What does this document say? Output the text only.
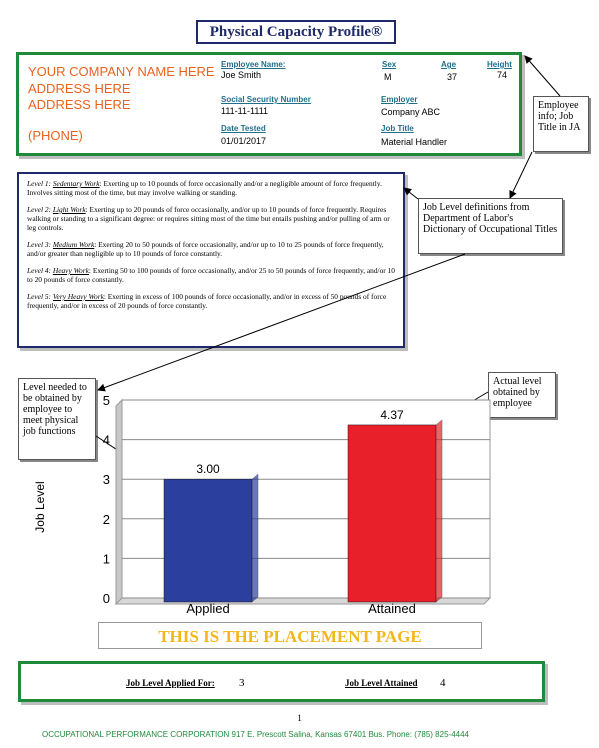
Physical Capacity Profile®
YOUR COMPANY NAME HERE
ADDRESS HERE
ADDRESS HERE
(PHONE)
Employee Name:
Joe Smith
Sex
M
Age
37
Height
74
Social Security Number
111-11-1111
Employer
Company ABC
Date Tested
01/01/2017
Job Title
Material Handler
Employee info; Job Title in JA
Job Level definitions from Department of Labor's Dictionary of Occupational Titles
Level needed to be obtained by employee to meet physical job functions
Actual level obtained by employee

Level 1: Sedentary Work: Exerting up to 10 pounds of force occasionally and/or a negligible amount of force frequently. Involves sitting most of the time, but may involve walking or standing.

Level 2: Light Work: Exerting up to 20 pounds of force occasionally, and/or up to 10 pounds of force frequently. Requires walking or standing to a significant degree: or requires sitting most of the time but entails pushing and/or pulling of arm or leg controls.

Level 3: Medium Work: Exerting 20 to 50 pounds of force occasionally, and/or up to 10 to 25 pounds of force frequently, and/or greater than negligible up to 10 pounds of force constantly.

Level 4: Heavy Work: Exerting 50 to 100 pounds of force occasionally, and/or 25 to 50 pounds of force frequently, and/or 10 to 20 pounds of force constantly.

Level 5: Very Heavy Work: Exerting in excess of 100 pounds of force occasionally, and/or in excess of 50 pounds of force frequently, and/or in excess of 20 pounds of force constantly.

0
1
2
3
4
5
Job Level
3.00
Applied
4.37
Attained
THIS IS THE PLACEMENT PAGE
Job Level Applied For: 3	Job Level Attained 4
1
OCCUPATIONAL PERFORMANCE CORPORATION 917 E. Prescott Salina, Kansas 67401 Bus. Phone: (785) 825-4444
